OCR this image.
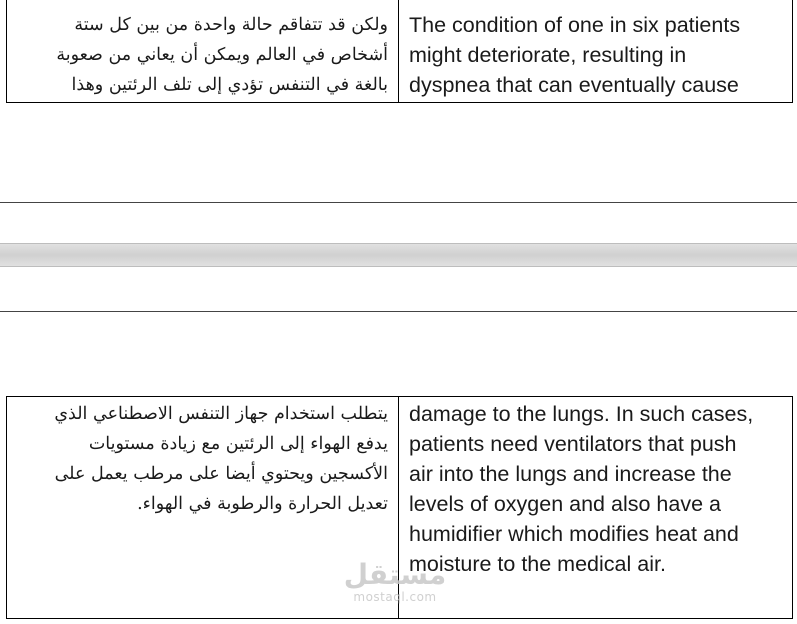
ولكن قد تتفاقم حالة واحدة من بين كل ستة
أشخاص في العالم ويمكن أن يعاني من صعوبة
بالغة في التنفس تؤدي إلى تلف الرئتين وهذا
The condition of one in six patients
might deteriorate, resulting in
dyspnea that can eventually cause
يتطلب استخدام جهاز التنفس الاصطناعي الذي
يدفع الهواء إلى الرئتين مع زيادة مستويات
الأكسجين ويحتوي أيضا على مرطب يعمل على
تعديل الحرارة والرطوبة في الهواء.
damage to the lungs. In such cases,
patients need ventilators that push
air into the lungs and increase the
levels of oxygen and also have a
humidifier which modifies heat and
moisture to the medical air.
مستقل
mostaql.com
